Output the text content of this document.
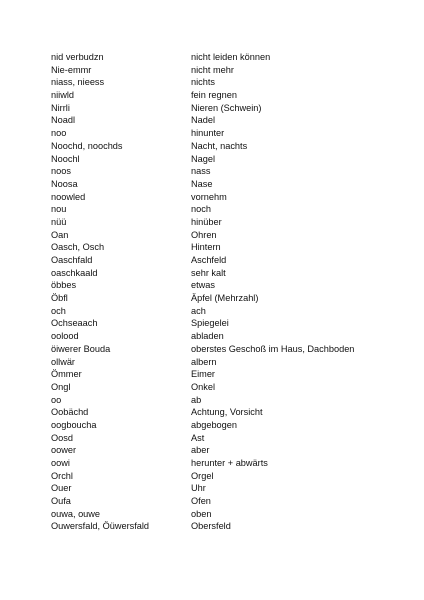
nid verbudzn	nicht leiden können
Nie-emmr	nicht mehr
niass, nieess	nichts
niiwld	fein regnen
Nirrli	Nieren (Schwein)
Noadl	Nadel
noo	hinunter
Noochd, noochds	Nacht, nachts
Noochl	Nagel
noos	nass
Noosa	Nase
noowled	vornehm
nou	noch
nüü	hinüber
Oan	Ohren
Oasch, Osch	Hintern
Oaschfald	Aschfeld
oaschkaald	sehr kalt
öbbes	etwas
Öbfl	Äpfel (Mehrzahl)
och	ach
Ochseaach	Spiegelei
oolood	abladen
öiwerer Bouda	oberstes Geschoß im Haus, Dachboden
ollwär	albern
Ömmer	Eimer
Ongl	Onkel
oo	ab
Oobächd	Achtung, Vorsicht
oogboucha	abgebogen
Oosd	Ast
oower	aber
oowi	herunter + abwärts
Orchl	Orgel
Ouer	Uhr
Oufa	Ofen
ouwa, ouwe	oben
Ouwersfald, Öüwersfald	Obersfeld
